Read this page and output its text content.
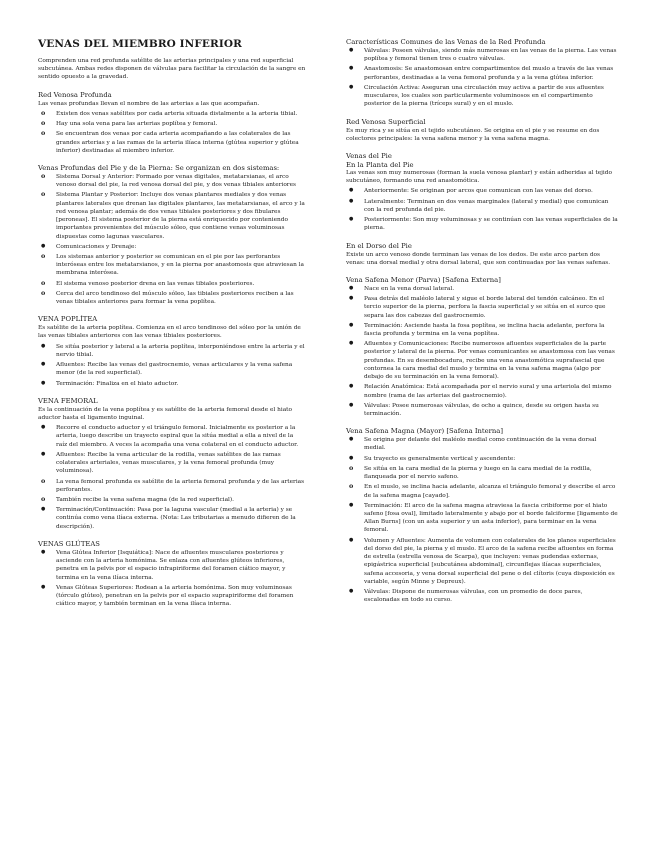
VENAS DEL MIEMBRO INFERIOR

Comprenden una red profunda satélite de las arterias principales y una red superficial subcutánea. Ambas redes disponen de válvulas para facilitar la circulación de la sangre en sentido opuesto a la gravedad.

Red Venosa Profunda

Las venas profundas llevan el nombre de las arterias a las que acompañan.

o Existen dos venas satélites por cada arteria situada distalmente a la arteria tibial.
o Hay una sola vena para las arterias poplítea y femoral.
o Se encuentran dos venas por cada arteria acompañando a las colaterales de las grandes arterias y a las ramas de la arteria ilíaca interna (glútea superior y glútea inferior) destinadas al miembro inferior.
Venas Profundas del Pie y de la Pierna: Se organizan en dos sistemas:
o Sistema Dorsal y Anterior: Formado por venas digitales, metatarsianas, el arco venoso dorsal del pie, la red venosa dorsal del pie, y dos venas tibiales anteriores
o Sistema Plantar y Posterior: Incluye dos venas plantares mediales y dos venas plantares laterales que drenan las digitales plantares, las metatarsianas, el arco y la red venosa plantar; además de dos venas tibiales posteriores y dos fibulares [peroneas]. El sistema posterior de la pierna está enriquecido por conteniendo importantes provenientes del músculo sóleo, que contiene venas voluminosas dispuestas como lagunas vasculares.
● Comunicaciones y Drenaje:
o Los sistemas anterior y posterior se comunican en el pie por las perforantes interóseas entre los metatarsianos, y en la pierna por anastomosis que atraviesan la membrana interósea.
o El sistema venoso posterior drena en las venas tibiales posteriores.
o Cerca del arco tendinoso del músculo sóleo, las tibiales posteriores reciben a las venas tibiales anteriores para formar la vena poplítea.
VENA POPLÍTEA

Es satélite de la arteria poplítea. Comienza en el arco tendinoso del sóleo por la unión de las venas tibiales anteriores con las venas tibiales posteriores.

● Se sitúa posterior y lateral a la arteria poplítea, interponiéndose entre la arteria y el nervio tibial.
● Afluentes: Recibe las venas del gastrocnemio, venas articulares y la vena safena menor (de la red superficial).
● Terminación: Finaliza en el hiato aductor.
VENA FEMORAL

Es la continuación de la vena poplítea y es satélite de la arteria femoral desde el hiato aductor hasta el ligamento inguinal.

● Recorre el conducto aductor y el triángulo femoral. Inicialmente es posterior a la arteria, luego describe un trayecto espiral que la sitúa medial a ella a nivel de la raíz del miembro. A veces la acompaña una vena colateral en el conducto aductor.
● Afluentes: Recibe la vena articular de la rodilla, venas satélites de las ramas colaterales arteriales, venas musculares, y la vena femoral profunda (muy voluminosa).
o La vena femoral profunda es satélite de la arteria femoral profunda y de las arterias perforantes.
o También recibe la vena safena magna (de la red superficial).
● Terminación/Continuación: Pasa por la laguna vascular (medial a la arteria) y se continúa como vena ilíaca externa. (Nota: Las tributarias a menudo difieren de la descripción).
VENAS GLÚTEAS
● Vena Glútea Inferior [Isquiática]: Nace de afluentes musculares posteriores y asciende con la arteria homónima. Se enlaza con afluentes glúteos inferiores, penetra en la pelvis por el espacio infrapiriforme del foramen ciático mayor, y termina en la vena ilíaca interna.
● Venas Glúteas Superiores: Rodean a la arteria homónima. Son muy voluminosas (tórculo glúteo), penetran en la pelvis por el espacio suprapiriforme del foramen ciático mayor, y también terminan en la vena ilíaca interna.
Características Comunes de las Venas de la Red Profunda
● Válvulas: Poseen válvulas, siendo más numerosas en las venas de la pierna. Las venas poplítea y femoral tienen tres o cuatro válvulas.
● Anastomosis: Se anastomosan entre compartimentos del muslo a través de las venas perforantes, destinadas a la vena femoral profunda y a la vena glútea inferior.
● Circulación Activa: Aseguran una circulación muy activa a partir de sus afluentes musculares, los cuales son particularmente voluminosos en el compartimento posterior de la pierna (tríceps sural) y en el muslo.
Red Venosa Superficial

Es muy rica y se sitúa en el tejido subcutáneo. Se origina en el pie y se resume en dos colectores principales: la vena safena menor y la vena safena magna.

Venas del Pie
En la Planta del Pie

Las venas son muy numerosas (forman la suela venosa plantar) y están adheridas al tejido subcutáneo, formando una red anastomótica.

● Anteriormente: Se originan por arcos que comunican con las venas del dorso.
● Lateralmente: Terminan en dos venas marginales (lateral y medial) que comunican con la red profunda del pie.
● Posteriormente: Son muy voluminosas y se continúan con las venas superficiales de la pierna.
En el Dorso del Pie

Existe un arco venoso donde terminan las venas de los dedos. De este arco parten dos venas: una dorsal medial y otra dorsal lateral, que son continuadas por las venas safenas.

Vena Safena Menor (Parva) [Safena Externa]
● Nace en la vena dorsal lateral.
● Pasa detrás del maléolo lateral y sigue el borde lateral del tendón calcáneo. En el tercio superior de la pierna, perfora la fascia superficial y se sitúa en el surco que separa las dos cabezas del gastrocnemio.
● Terminación: Asciende hasta la fosa poplítea, se inclina hacia adelante, perfora la fascia profunda y termina en la vena poplítea.
● Afluentes y Comunicaciones: Recibe numerosos afluentes superficiales de la parte posterior y lateral de la pierna. Por venas comunicantes se anastomosa con las venas profundas. En su desembocadura, recibe una vena anastomótica suprafascial que contornea la cara medial del muslo y termina en la vena safena magna (algo por debajo de su terminación en la vena femoral).
● Relación Anatómica: Está acompañada por el nervio sural y una arteriola del mismo nombre (rama de las arterias del gastrocnemio).
● Válvulas: Posee numerosas válvulas, de ocho a quince, desde su origen hasta su terminación.
Vena Safena Magna (Mayor) [Safena Interna]
● Se origina por delante del maléolo medial como continuación de la vena dorsal medial.
● Su trayecto es generalmente vertical y ascendente:
o Se sitúa en la cara medial de la pierna y luego en la cara medial de la rodilla, flanqueada por el nervio safeno.
o En el muslo, se inclina hacia adelante, alcanza el triángulo femoral y describe el arco de la safena magna [cayado].
● Terminación: El arco de la safena magna atraviesa la fascia cribiforme por el hiato safeno [fosa oval], limitado lateralmente y abajo por el borde falciforme [ligamento de Allan Burns] (con un asta superior y un asta inferior), para terminar en la vena femoral.
● Volumen y Afluentes: Aumenta de volumen con colaterales de los planos superficiales del dorso del pie, la pierna y el muslo. El arco de la safena recibe afluentes en forma de estrella (estrella venosa de Scarpa), que incluyen: venas pudendas externas, epigástrica superficial [subcutánea abdominal], circunflejas ilíacas superficiales, safena accesoria, y vena dorsal superficial del pene o del clítoris (cuya disposición es variable, según Minne y Depreux).
● Válvulas: Dispone de numerosas válvulas, con un promedio de doce pares, escalonadas en todo su curso.
